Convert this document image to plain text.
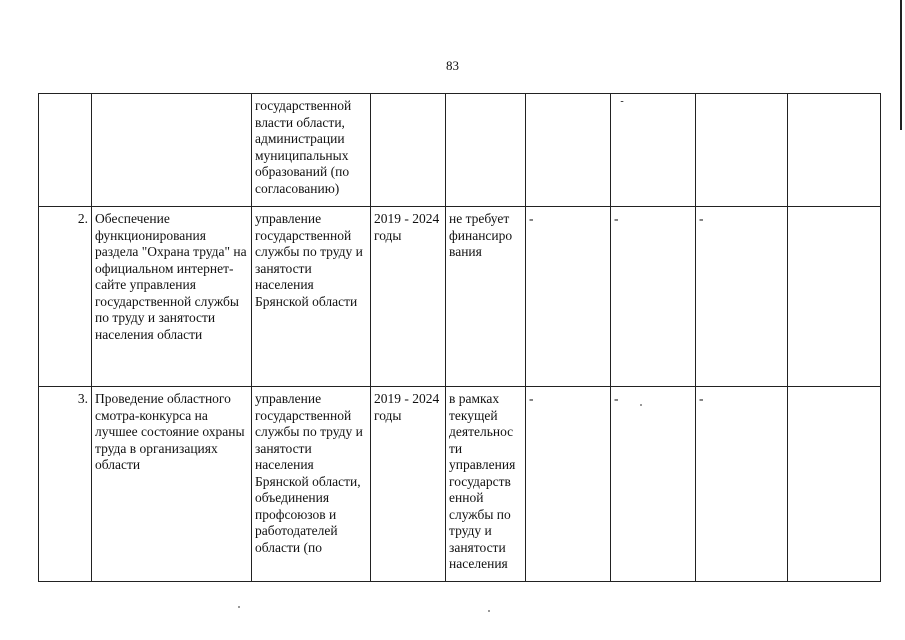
83
		государственной власти области, администрации муниципальных образований (по согласованию)				-		

2.	Обеспечение функционирования раздела "Охрана труда" на официальном интернет-сайте управления государственной службы по труду и занятости населения области	управление государственной службы по труду и занятости населения Брянской области	2019 - 2024 годы	не требует финансиро вания	-	-	-	
3.	Проведение областного смотра-конкурса на лучшее состояние охраны труда в организациях области	управление государственной службы по труду и занятости населения Брянской области, объединения профсоюзов и работодателей области (по	2019 - 2024 годы	в рамках текущей деятельнос ти управления государств енной службы по труду и занятости населения	-	-	-	
